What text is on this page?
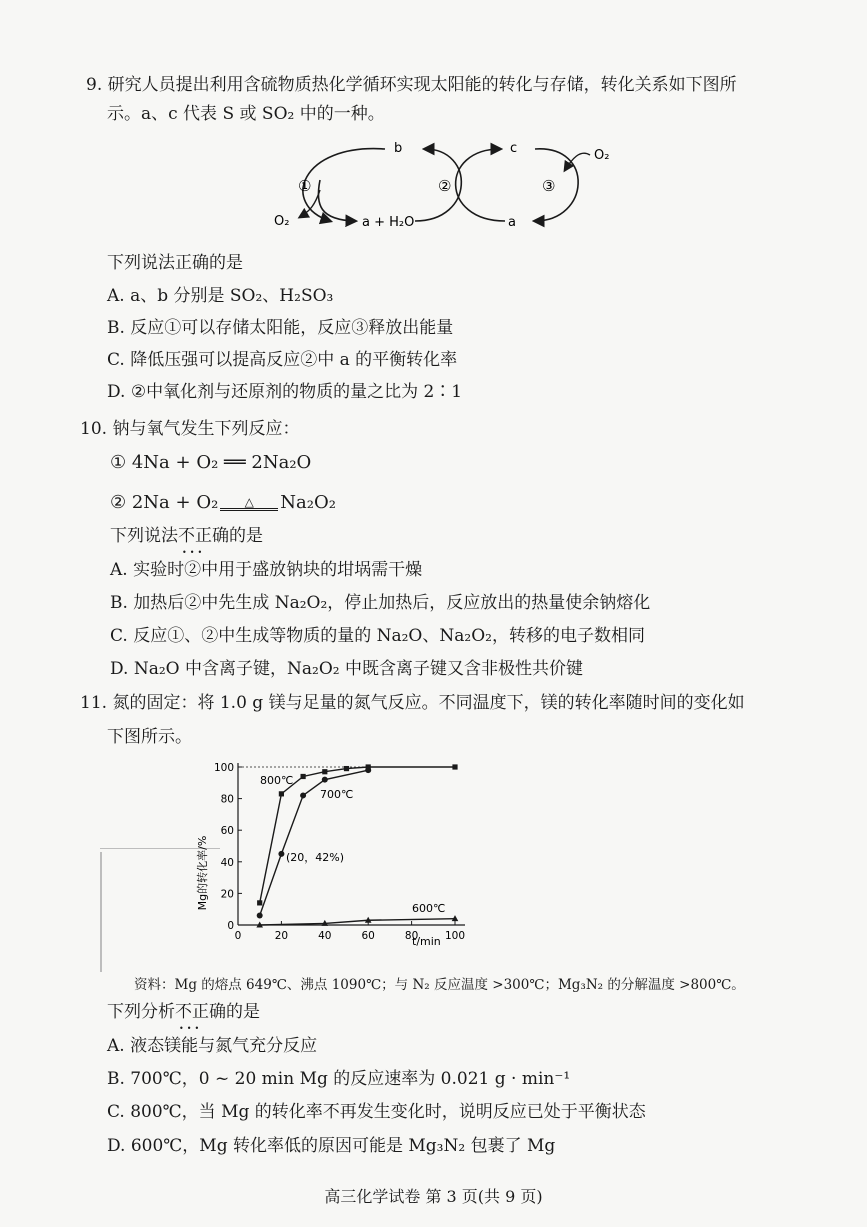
9. 研究人员提出利用含硫物质热化学循环实现太阳能的转化与存储，转化关系如下图所
示。a、c 代表 S 或 SO₂ 中的一种。
b	c	O₂
O₂	a + H₂O	a
①	②	③
下列说法正确的是
A. a、b 分别是 SO₂、H₂SO₃
B. 反应①可以存储太阳能，反应③释放出能量
C. 降低压强可以提高反应②中 a 的平衡转化率
D. ②中氧化剂与还原剂的物质的量之比为 2∶1
10. 钠与氧气发生下列反应：
① 4Na + O₂ ══ 2Na₂O
② 2Na + O₂ △ Na₂O₂
下列说法不正确 •••的是
A. 实验时②中用于盛放钠块的坩埚需干燥
B. 加热后②中先生成 Na₂O₂，停止加热后，反应放出的热量使余钠熔化
C. 反应①、②中生成等物质的量的 Na₂O、Na₂O₂，转移的电子数相同
D. Na₂O 中含离子键，Na₂O₂ 中既含离子键又含非极性共价键
11. 氮的固定：将 1.0 g 镁与足量的氮气反应。不同温度下，镁的转化率随时间的变化如
下图所示。
0	20	40	60	80	100
0
20
40
60
80
100
Mg的转化率/%
t/min
(20，42%)
800℃
700℃
600℃
资料：Mg 的熔点 649℃、沸点 1090℃；与 N₂ 反应温度 >300℃；Mg₃N₂ 的分解温度 >800℃。
下列分析不正确 •••的是
A. 液态镁能与氮气充分反应
B. 700℃，0 ~ 20 min Mg 的反应速率为 0.021 g · min⁻¹
C. 800℃，当 Mg 的转化率不再发生变化时，说明反应已处于平衡状态
D. 600℃，Mg 转化率低的原因可能是 Mg₃N₂ 包裹了 Mg
高三化学试卷 第 3 页(共 9 页)
